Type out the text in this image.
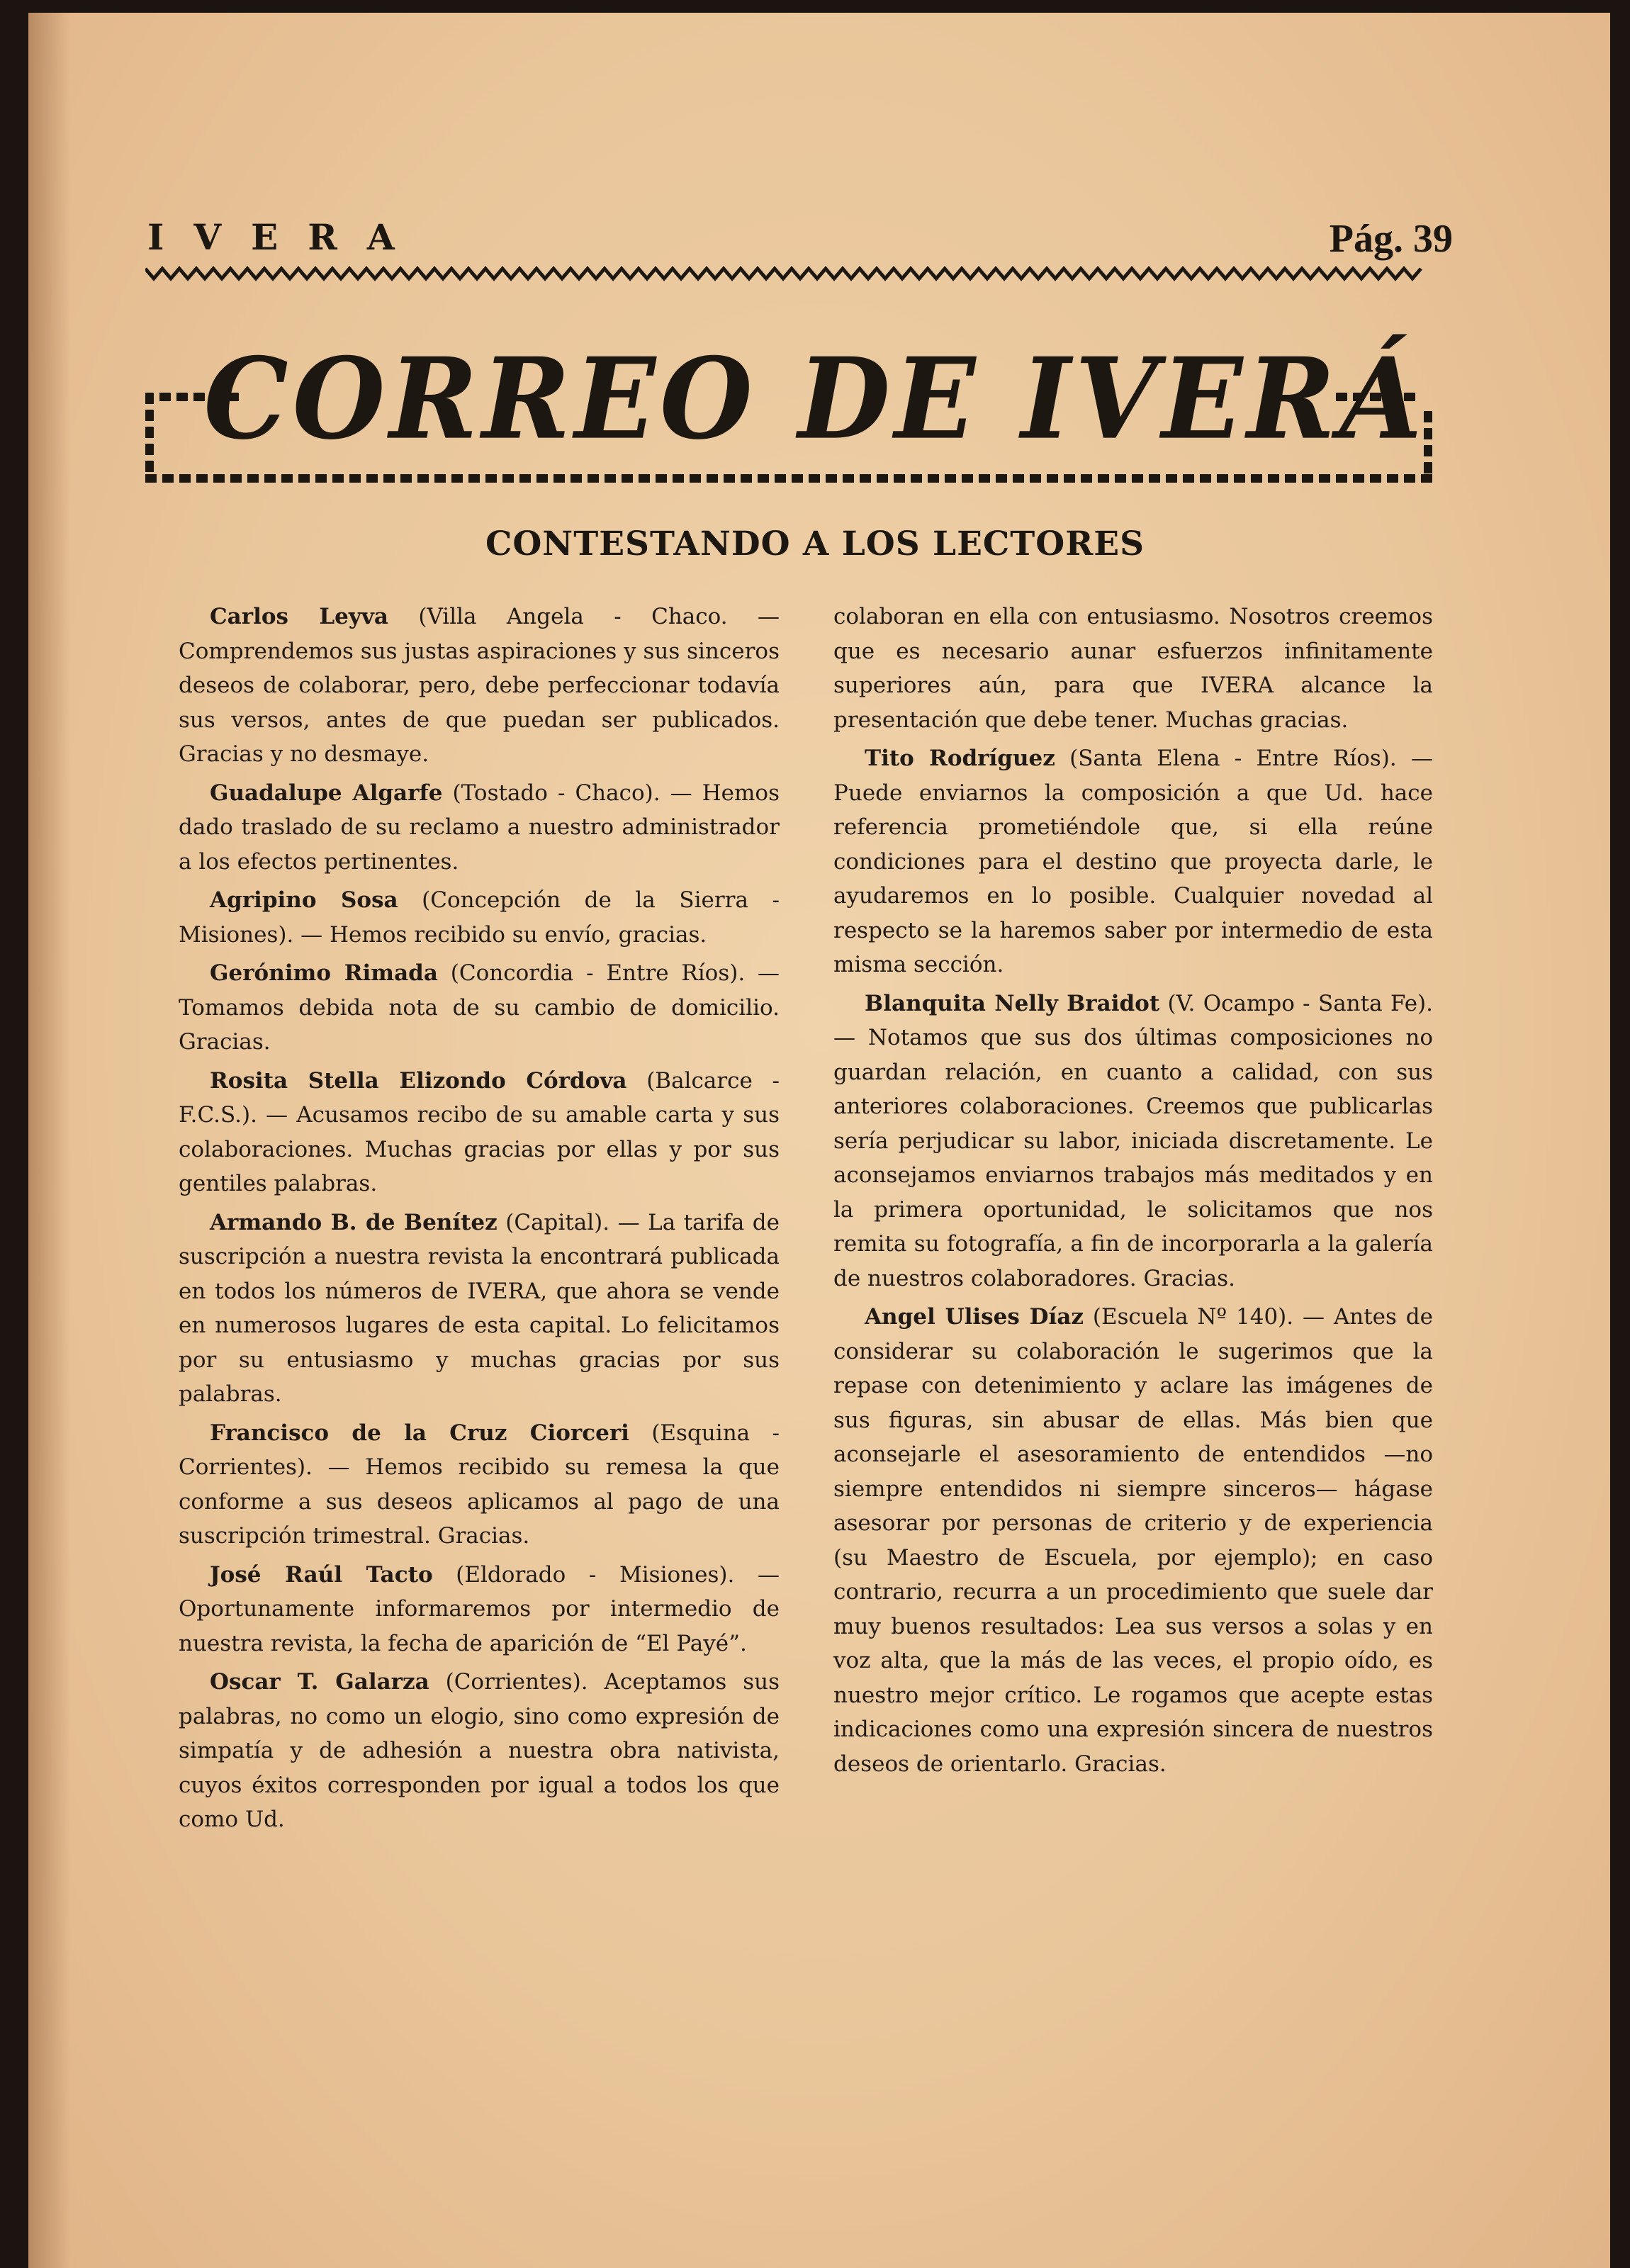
IVERA	Pág. 39
CORREO DE IVERÁ
CONTESTANDO A LOS LECTORES

Carlos Leyva (Villa Angela - Chaco. — Comprendemos sus justas aspiraciones y sus sinceros deseos de colaborar, pero, debe perfeccionar todavía sus versos, antes de que puedan ser publicados. Gracias y no desmaye.

Guadalupe Algarfe (Tostado - Chaco). — Hemos dado traslado de su reclamo a nuestro administrador a los efectos pertinentes.

Agripino Sosa (Concepción de la Sierra - Misiones). — Hemos recibido su envío, gracias.

Gerónimo Rimada (Concordia - Entre Ríos). — Tomamos debida nota de su cambio de domicilio. Gracias.

Rosita Stella Elizondo Córdova (Balcarce - F.C.S.). — Acusamos recibo de su amable carta y sus colaboraciones. Muchas gracias por ellas y por sus gentiles palabras.

Armando B. de Benítez (Capital). — La tarifa de suscripción a nuestra revista la encontrará publicada en todos los números de IVERA, que ahora se vende en numerosos lugares de esta capital. Lo felicitamos por su entusiasmo y muchas gracias por sus palabras.

Francisco de la Cruz Ciorceri (Esquina - Corrientes). — Hemos recibido su remesa la que conforme a sus deseos aplicamos al pago de una suscripción trimestral. Gracias.

José Raúl Tacto (Eldorado - Misiones). — Oportunamente informaremos por intermedio de nuestra revista, la fecha de aparición de “El Payé”.

Oscar T. Galarza (Corrientes). Aceptamos sus palabras, no como un elogio, sino como expresión de simpatía y de adhesión a nuestra obra nativista, cuyos éxitos corresponden por igual a todos los que como Ud.

colaboran en ella con entusiasmo. Nosotros creemos que es necesario aunar esfuerzos infinitamente superiores aún, para que IVERA alcance la presentación que debe tener. Muchas gracias.

Tito Rodríguez (Santa Elena - Entre Ríos). — Puede enviarnos la composición a que Ud. hace referencia prometiéndole que, si ella reúne condiciones para el destino que proyecta darle, le ayudaremos en lo posible. Cualquier novedad al respecto se la haremos saber por intermedio de esta misma sección.

Blanquita Nelly Braidot (V. Ocampo - Santa Fe). — Notamos que sus dos últimas composiciones no guardan relación, en cuanto a calidad, con sus anteriores colaboraciones. Creemos que publicarlas sería perjudicar su labor, iniciada discretamente. Le aconsejamos enviarnos trabajos más meditados y en la primera oportunidad, le solicitamos que nos remita su fotografía, a fin de incorporarla a la galería de nuestros colaboradores. Gracias.

Angel Ulises Díaz (Escuela Nº 140). — Antes de considerar su colaboración le sugerimos que la repase con detenimiento y aclare las imágenes de sus figuras, sin abusar de ellas. Más bien que aconsejarle el asesoramiento de entendidos —no siempre entendidos ni siempre sinceros— hágase asesorar por personas de criterio y de experiencia (su Maestro de Escuela, por ejemplo); en caso contrario, recurra a un procedimiento que suele dar muy buenos resultados: Lea sus versos a solas y en voz alta, que la más de las veces, el propio oído, es nuestro mejor crítico. Le rogamos que acepte estas indicaciones como una expresión sincera de nuestros deseos de orientarlo. Gracias.
